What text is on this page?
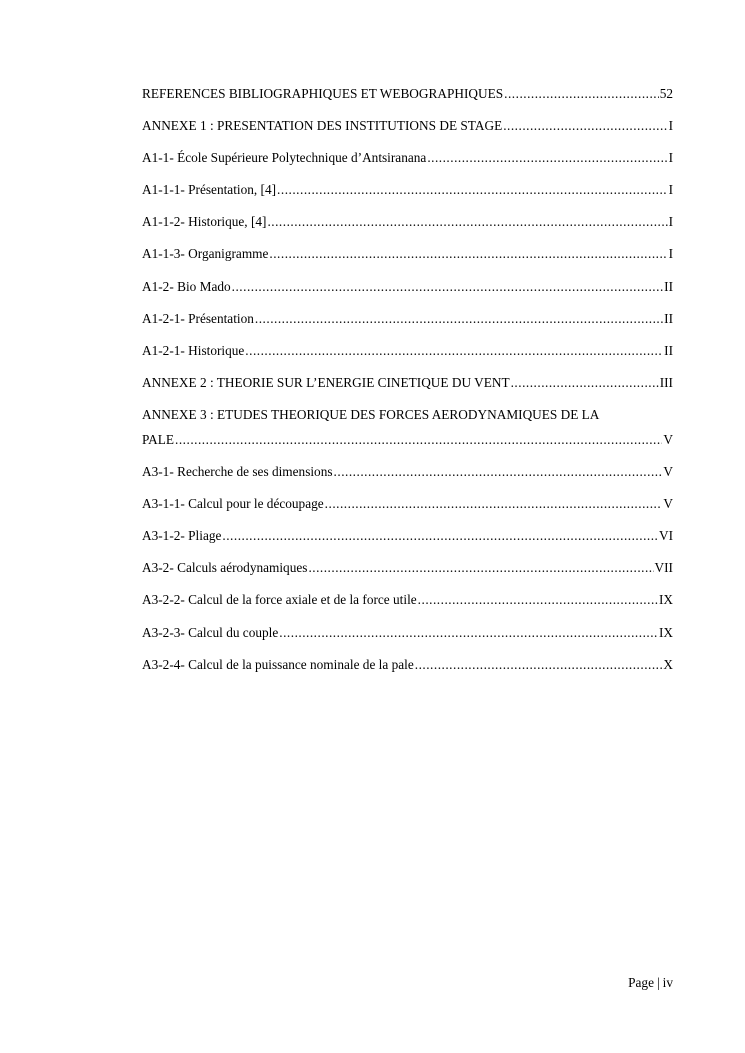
REFERENCES BIBLIOGRAPHIQUES ET WEBOGRAPHIQUES .....	52
ANNEXE 1 : PRESENTATION DES INSTITUTIONS DE STAGE .....	I
A1-1- École Supérieure Polytechnique d’Antsiranana .....	I
A1-1-1- Présentation, [4] .....	I
A1-1-2- Historique, [4] .....	I
A1-1-3- Organigramme .....	I
A1-2- Bio Mado .....	II
A1-2-1- Présentation .....	II
A1-2-1- Historique .....	II
ANNEXE 2 : THEORIE SUR L’ENERGIE CINETIQUE DU VENT .....	III
ANNEXE 3 : ETUDES THEORIQUE DES FORCES AERODYNAMIQUES DE LA
PALE .....	V
A3-1- Recherche de ses dimensions .....	V
A3-1-1- Calcul pour le découpage .....	V
A3-1-2- Pliage .....	VI
A3-2- Calculs aérodynamiques .....	VII
A3-2-2- Calcul de la force axiale et de la force utile .....	IX
A3-2-3- Calcul du couple .....	IX
A3-2-4- Calcul de la puissance nominale de la pale .....	X
Page | iv
